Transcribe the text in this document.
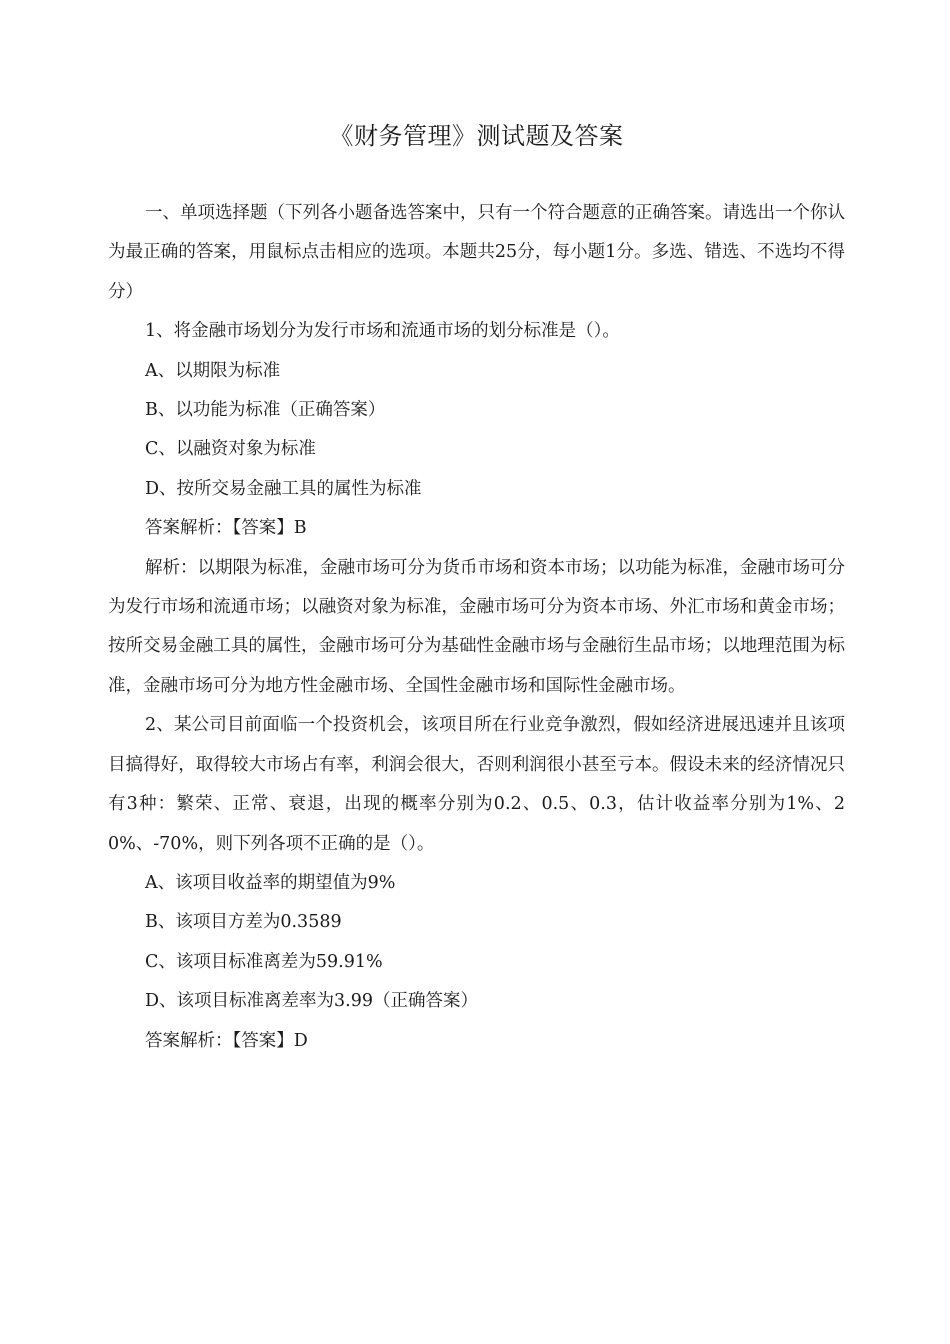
《财务管理》测试题及答案

一、单项选择题（下列各小题备选答案中，只有一个符合题意的正确答案。请选出一个你认为最正确的答案，用鼠标点击相应的选项。本题共25分，每小题1分。多选、错选、不选均不得分）

1、将金融市场划分为发行市场和流通市场的划分标准是（）。

A、以期限为标准

B、以功能为标准（正确答案）

C、以融资对象为标准

D、按所交易金融工具的属性为标准

答案解析：【答案】B

解析：以期限为标准，金融市场可分为货币市场和资本市场；以功能为标准，金融市场可分为发行市场和流通市场；以融资对象为标准，金融市场可分为资本市场、外汇市场和黄金市场；按所交易金融工具的属性，金融市场可分为基础性金融市场与金融衍生品市场；以地理范围为标准，金融市场可分为地方性金融市场、全国性金融市场和国际性金融市场。

2、某公司目前面临一个投资机会，该项目所在行业竞争激烈，假如经济进展迅速并且该项目搞得好，取得较大市场占有率，利润会很大，否则利润很小甚至亏本。假设未来的经济情况只有3种：繁荣、正常、衰退，出现的概率分别为0.2、0.5、0.3，估计收益率分别为1%、20%、-70%，则下列各项不正确的是（）。

A、该项目收益率的期望值为9%

B、该项目方差为0.3589

C、该项目标准离差为59.91%

D、该项目标准离差率为3.99（正确答案）

答案解析：【答案】D
